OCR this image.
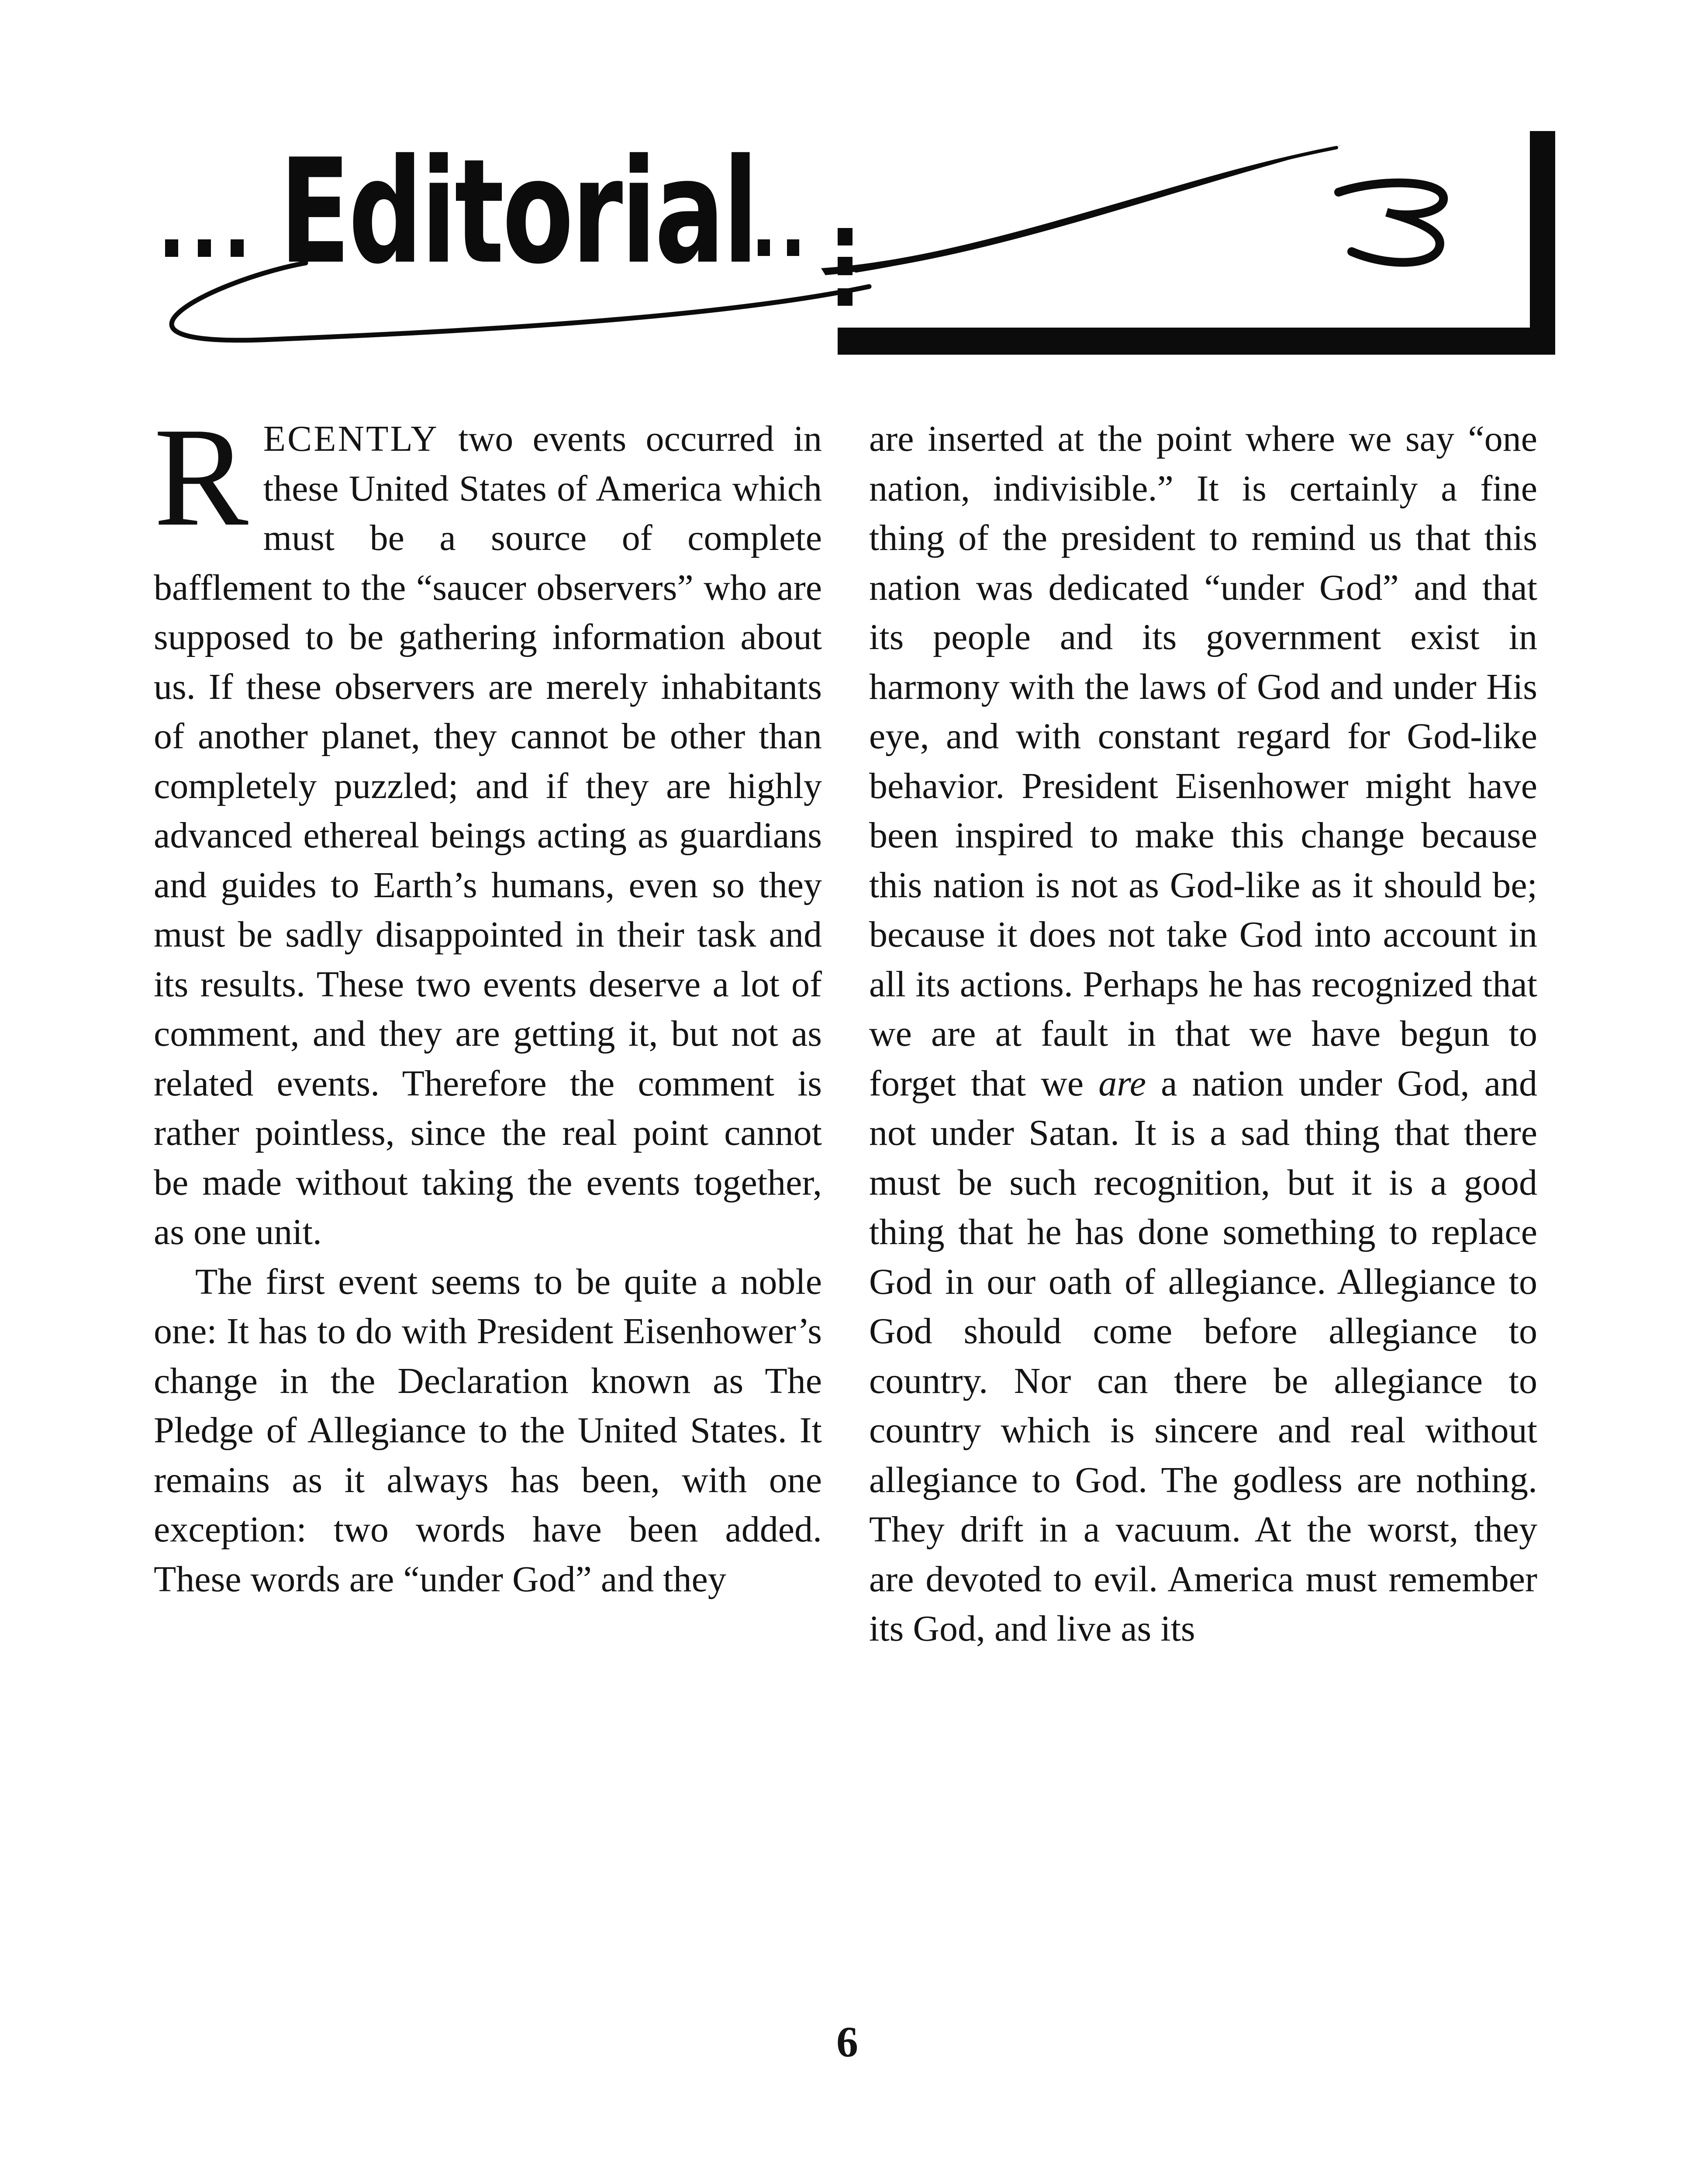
Editorial

RECENTLY two events occurred in these United States of America which must be a source of complete bafflement to the “saucer observers” who are supposed to be gathering information about us. If these observers are merely inhabitants of another planet, they cannot be other than completely puzzled; and if they are highly advanced ethereal beings acting as guardians and guides to Earth’s humans, even so they must be sadly disappointed in their task and its results. These two events deserve a lot of comment, and they are getting it, but not as related events. Therefore the comment is rather pointless, since the real point cannot be made without taking the events together, as one unit.

The first event seems to be quite a noble one: It has to do with President Eisenhower’s change in the Declaration known as The Pledge of Allegiance to the United States. It remains as it always has been, with one exception: two words have been added. These words are “under God” and they

are inserted at the point where we say “one nation, indivisible.” It is certainly a fine thing of the president to remind us that this nation was dedicated “under God” and that its people and its government exist in harmony with the laws of God and under His eye, and with constant regard for God-like behavior. President Eisenhower might have been inspired to make this change because this nation is not as God-like as it should be; because it does not take God into account in all its actions. Perhaps he has recognized that we are at fault in that we have begun to forget that we are a nation under God, and not under Satan. It is a sad thing that there must be such recognition, but it is a good thing that he has done something to replace God in our oath of allegiance. Allegiance to God should come before allegiance to country. Nor can there be allegiance to country which is sincere and real without allegiance to God. The godless are nothing. They drift in a vacuum. At the worst, they are devoted to evil. America must remember its God, and live as its

6
